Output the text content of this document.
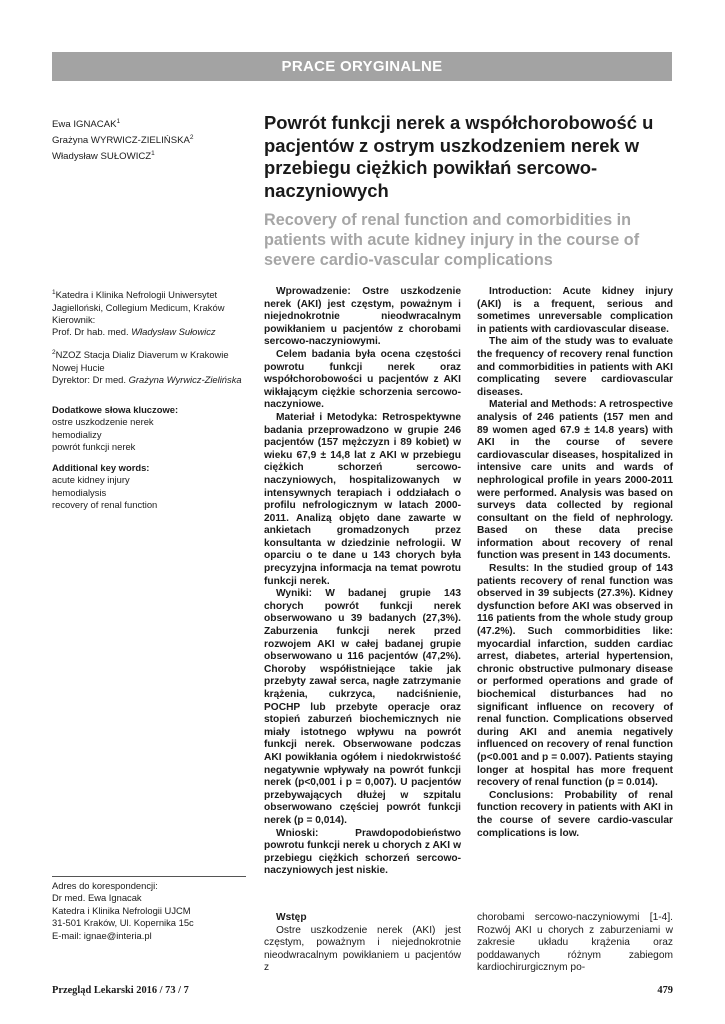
PRACE ORYGINALNE
Ewa IGNACAK$^1$
Grażyna WYRWICZ-ZIELIŃSKA$^2$
Władysław SUŁOWICZ$^1$
Powrót funkcji nerek a współchorobowość u pacjentów z ostrym uszkodzeniem nerek w przebiegu ciężkich powikłań sercowo-naczyniowych
Recovery of renal function and comorbidities in patients with acute kidney injury in the course of severe cardio-vascular complications
$^1$Katedra i Klinika Nefrologii Uniwersytet Jagielloński, Collegium Medicum, Kraków
Kierownik:
Prof. Dr hab. med. Władysław Sułowicz
$^2$NZOZ Stacja Dializ Diaverum w Krakowie Nowej Hucie
Dyrektor: Dr med. Grażyna Wyrwicz-Zielińska
Dodatkowe słowa kluczowe:
ostre uszkodzenie nerek
hemodializy
powrót funkcji nerek
Additional key words:
acute kidney injury
hemodialysis
recovery of renal function

Wprowadzenie: Ostre uszkodzenie nerek (AKI) jest częstym, poważnym i niejednokrotnie nieodwracalnym powikłaniem u pacjentów z chorobami sercowo-naczyniowymi.

Celem badania była ocena częstości powrotu funkcji nerek oraz współchorobowości u pacjentów z AKI wikłającym ciężkie schorzenia sercowo-naczyniowe.

Materiał i Metodyka: Retrospektywne badania przeprowadzono w grupie 246 pacjentów (157 mężczyzn i 89 kobiet) w wieku 67,9 ± 14,8 lat z AKI w przebiegu ciężkich schorzeń sercowo-naczyniowych, hospitalizowanych w intensywnych terapiach i oddziałach o profilu nefrologicznym w latach 2000-2011. Analizą objęto dane zawarte w ankietach gromadzonych przez konsultanta w dziedzinie nefrologii. W oparciu o te dane u 143 chorych była precyzyjna informacja na temat powrotu funkcji nerek.

Wyniki: W badanej grupie 143 chorych powrót funkcji nerek obserwowano u 39 badanych (27,3%). Zaburzenia funkcji nerek przed rozwojem AKI w całej badanej grupie obserwowano u 116 pacjentów (47,2%). Choroby współistniejące takie jak przebyty zawał serca, nagłe zatrzymanie krążenia, cukrzyca, nadciśnienie, POCHP lub przebyte operacje oraz stopień zaburzeń biochemicznych nie miały istotnego wpływu na powrót funkcji nerek. Obserwowane podczas AKI powikłania ogółem i niedokrwistość negatywnie wpływały na powrót funkcji nerek (p<0,001 i p = 0,007). U pacjentów przebywających dłużej w szpitalu obserwowano częściej powrót funkcji nerek (p = 0,014).

Wnioski: Prawdopodobieństwo powrotu funkcji nerek u chorych z AKI w przebiegu ciężkich schorzeń sercowo-naczyniowych jest niskie.

Introduction: Acute kidney injury (AKI) is a frequent, serious and sometimes unreversable complication in patients with cardiovascular disease.

The aim of the study was to evaluate the frequency of recovery renal function and commorbidities in patients with AKI complicating severe cardiovascular diseases.

Material and Methods: A retrospective analysis of 246 patients (157 men and 89 women aged 67.9 ± 14.8 years) with AKI in the course of severe cardiovascular diseases, hospitalized in intensive care units and wards of nephrological profile in years 2000-2011 were performed. Analysis was based on surveys data collected by regional consultant on the field of nephrology. Based on these data precise information about recovery of renal function was present in 143 documents.

Results: In the studied group of 143 patients recovery of renal function was observed in 39 subjects (27.3%). Kidney dysfunction before AKI was observed in 116 patients from the whole study group (47.2%). Such commorbidities like: myocardial infarction, sudden cardiac arrest, diabetes, arterial hypertension, chronic obstructive pulmonary disease or performed operations and grade of biochemical disturbances had no significant influence on recovery of renal function. Complications observed during AKI and anemia negatively influenced on recovery of renal function (p<0.001 and p = 0.007). Patients staying longer at hospital has more frequent recovery of renal function (p = 0.014).

Conclusions: Probability of renal function recovery in patients with AKI in the course of severe cardio-vascular complications is low.

Adres do korespondencji:
Dr med. Ewa Ignacak
Katedra i Klinika Nefrologii UJCM
31-501 Kraków, Ul. Kopernika 15c
E-mail: ignae@interia.pl
Wstęp

Ostre uszkodzenie nerek (AKI) jest częstym, poważnym i niejednokrotnie nieodwracalnym powikłaniem u pacjentów z

chorobami sercowo-naczyniowymi [1-4]. Rozwój AKI u chorych z zaburzeniami w zakresie układu krążenia oraz poddawanych różnym zabiegom kardiochirurgicznym po-

Przegląd Lekarski 2016 / 73 / 7	479
